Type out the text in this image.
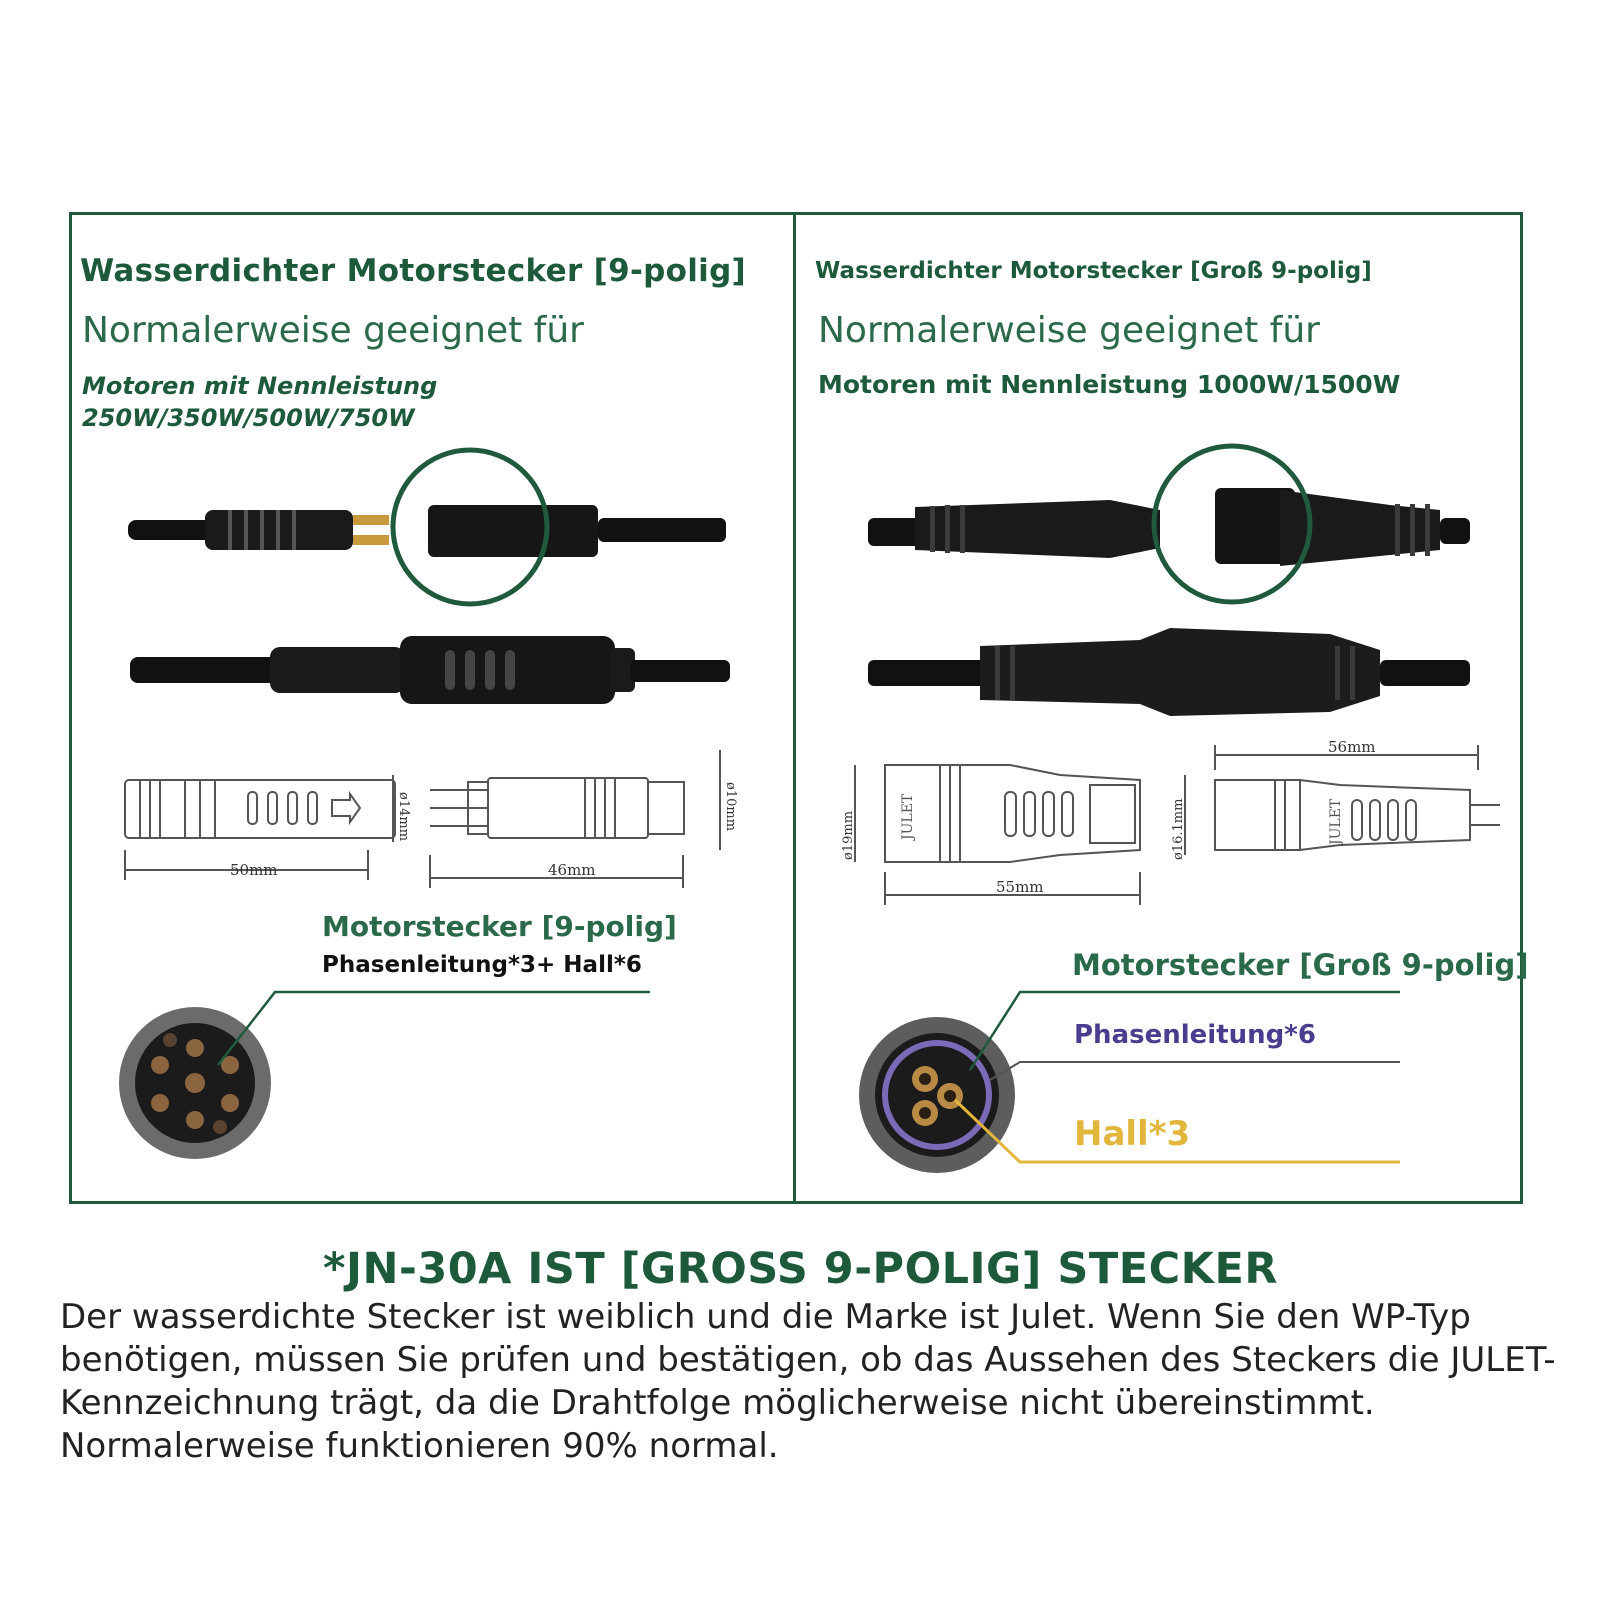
Wasserdichter Motorstecker [9-polig]
Normalerweise geeignet für
Motoren mit Nennleistung
250W/350W/500W/750W
Wasserdichter Motorstecker [Groß 9-polig]
Normalerweise geeignet für
Motoren mit Nennleistung 1000W/1500W
50mm	46mm
ø14mm	ø10mm
55mm
56mm
ø19mm	ø16.1mm
JULET	JULET
Motorstecker [9-polig]
Phasenleitung*3+ Hall*6	Motorstecker [Groß 9-polig]
Phasenleitung*6
Hall*3
*JN-30A IST [GROSS 9-POLIG] STECKER
Der wasserdichte Stecker ist weiblich und die Marke ist Julet. Wenn Sie den WP-Typ benötigen, müssen Sie prüfen und bestätigen, ob das Aussehen des Steckers die JULET-Kennzeichnung trägt, da die Drahtfolge möglicherweise nicht übereinstimmt. Normalerweise funktionieren 90% normal.
